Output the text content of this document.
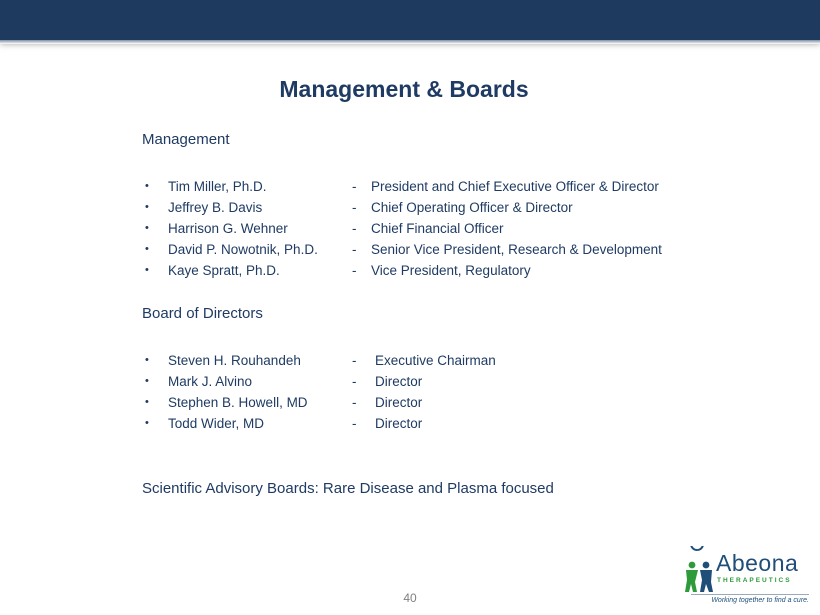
Management & Boards
Management
• Tim Miller, Ph.D.	- President and Chief Executive Officer & Director
• Jeffrey B. Davis	- Chief Operating Officer & Director
• Harrison G. Wehner	- Chief Financial Officer
• David P. Nowotnik, Ph.D.	- Senior Vice President, Research & Development
• Kaye Spratt, Ph.D.	- Vice President, Regulatory
Board of Directors
• Steven H. Rouhandeh	- Executive Chairman
• Mark J. Alvino	- Director
• Stephen B. Howell, MD	- Director
• Todd Wider, MD	- Director
Scientific Advisory Boards: Rare Disease and Plasma focused
40
Abeona
THERAPEUTICS
Working together to find a cure.
